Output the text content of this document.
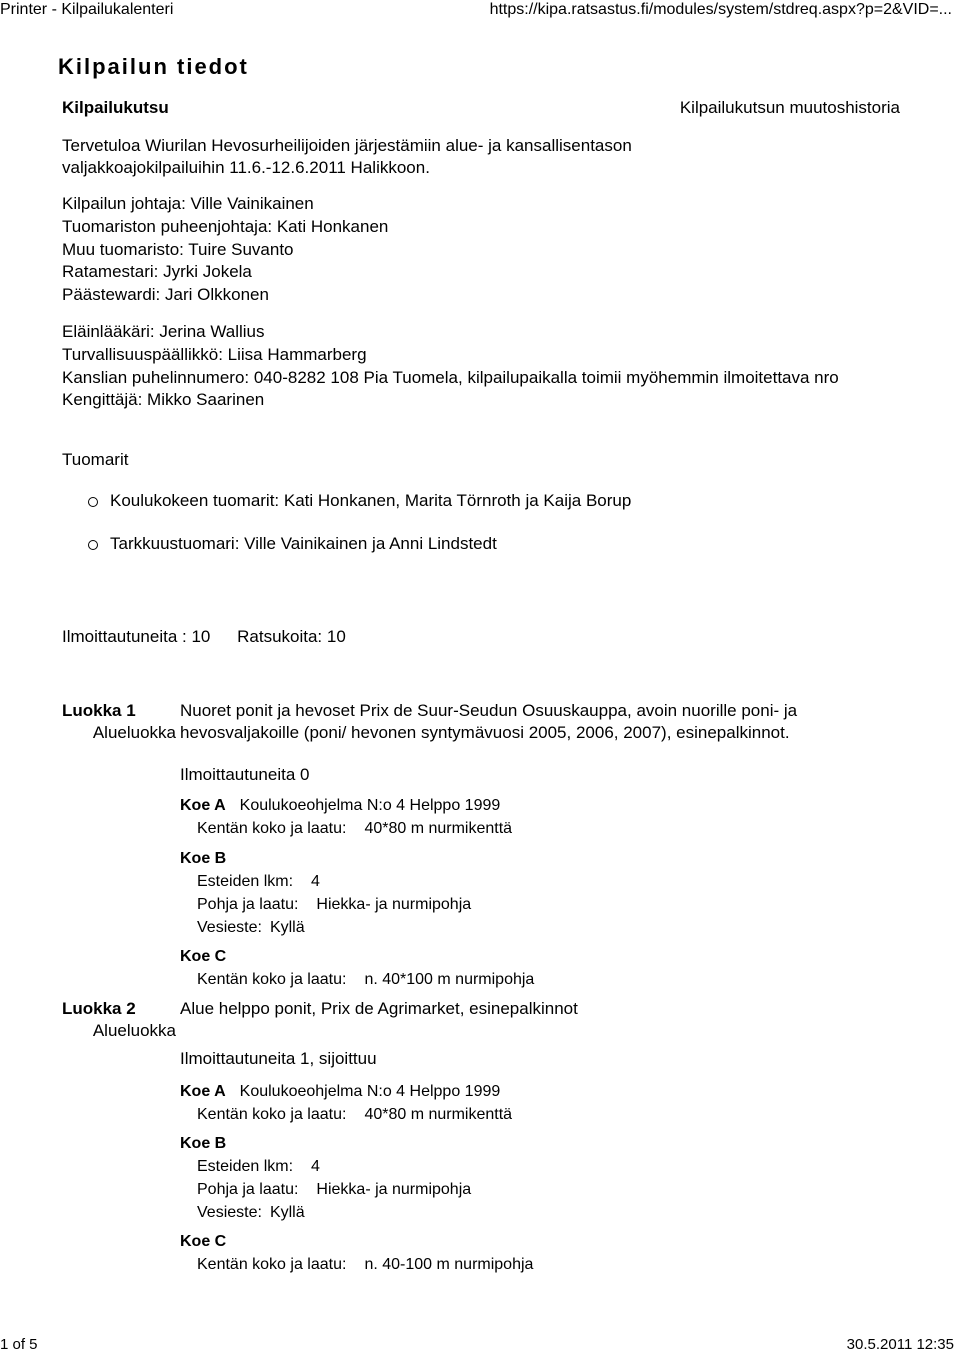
Printer - Kilpailukalenteri	https://kipa.ratsastus.fi/modules/system/stdreq.aspx?p=2&VID=...
Kilpailun tiedot
Kilpailukutsu	Kilpailukutsun muutoshistoria
Tervetuloa Wiurilan Hevosurheilijoiden järjestämiin alue- ja kansallisentason valjakkoajokilpailuihin 11.6.-12.6.2011 Halikkoon.
Kilpailun johtaja: Ville Vainikainen
Tuomariston puheenjohtaja: Kati Honkanen
Muu tuomaristo: Tuire Suvanto
Ratamestari: Jyrki Jokela
Päästewardi: Jari Olkkonen
Eläinlääkäri: Jerina Wallius
Turvallisuuspäällikkö: Liisa Hammarberg
Kanslian puhelinnumero: 040-8282 108 Pia Tuomela, kilpailupaikalla toimii myöhemmin ilmoitettava nro
Kengittäjä: Mikko Saarinen
Tuomarit
Koulukokeen tuomarit: Kati Honkanen, Marita Törnroth ja Kaija Borup
Tarkkuustuomari: Ville Vainikainen ja Anni Lindstedt
Ilmoittautuneita : 10 Ratsukoita: 10
Luokka 1
Alueluokka
Nuoret ponit ja hevoset Prix de Suur-Seudun Osuuskauppa, avoin nuorille poni- ja hevosvaljakoille (poni/ hevonen syntymävuosi 2005, 2006, 2007), esinepalkinnot.
Ilmoittautuneita 0
Koe A Koulukoeohjelma N:o 4 Helppo 1999
Kentän koko ja laatu: 40*80 m nurmikenttä
Koe B
Esteiden lkm: 4
Pohja ja laatu: Hiekka- ja nurmipohja
Vesieste: Kyllä
Koe C
Kentän koko ja laatu: n. 40*100 m nurmipohja
Luokka 2
Alueluokka
Alue helppo ponit, Prix de Agrimarket, esinepalkinnot
Ilmoittautuneita 1, sijoittuu
Koe A Koulukoeohjelma N:o 4 Helppo 1999
Kentän koko ja laatu: 40*80 m nurmikenttä
Koe B
Esteiden lkm: 4
Pohja ja laatu: Hiekka- ja nurmipohja
Vesieste: Kyllä
Koe C
Kentän koko ja laatu: n. 40-100 m nurmipohja
1 of 5	30.5.2011 12:35
